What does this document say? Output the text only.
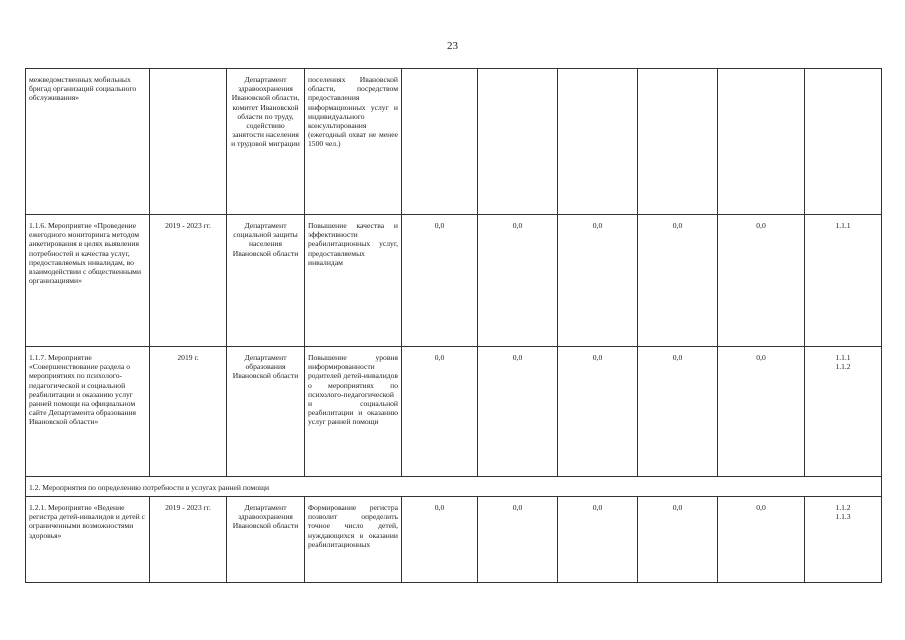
23
межведомственных мобильных бригад организаций социального обслуживания»		Департамент здравоохранения Ивановской области, комитет Ивановской области по труду, содействию занятости населения и трудовой миграции	поселениях Ивановской области, посредством предоставления информационных услуг и индивидуального консультирования (ежегодный охват не менее 1500 чел.)						
1.1.6. Мероприятие «Проведение ежегодного мониторинга методом анкетирования в целях выявления потребностей и качества услуг, предоставляемых инвалидам, во взаимодействии с общественными организациями»	2019 - 2023 гг.	Департамент социальной защиты населения Ивановской области	Повышение качества и эффективности реабилитационных услуг, предоставляемых инвалидам	0,0	0,0	0,0	0,0	0,0	1.1.1
1.1.7. Мероприятие «Совершенствование раздела о мероприятиях по психолого-педагогической и социальной реабилитации и оказанию услуг ранней помощи на официальном сайте Департамента образования Ивановской области»	2019 г.	Департамент образования Ивановской области	Повышение уровня информированности родителей детей-инвалидов о мероприятиях по психолого-педагогической и социальной реабилитации и оказанию услуг ранней помощи	0,0	0,0	0,0	0,0	0,0	1.1.1
1.1.2
1.2. Мероприятия по определению потребности в услугах ранней помощи									
1.2.1. Мероприятие «Ведение регистра детей-инвалидов и детей с ограниченными возможностями здоровья»	2019 - 2023 гг.	Департамент здравоохранения Ивановской области	Формирование регистра позволит определить точное число детей, нуждающихся в оказании реабилитационных	0,0	0,0	0,0	0,0	0,0	1.1.2
1.1.3
